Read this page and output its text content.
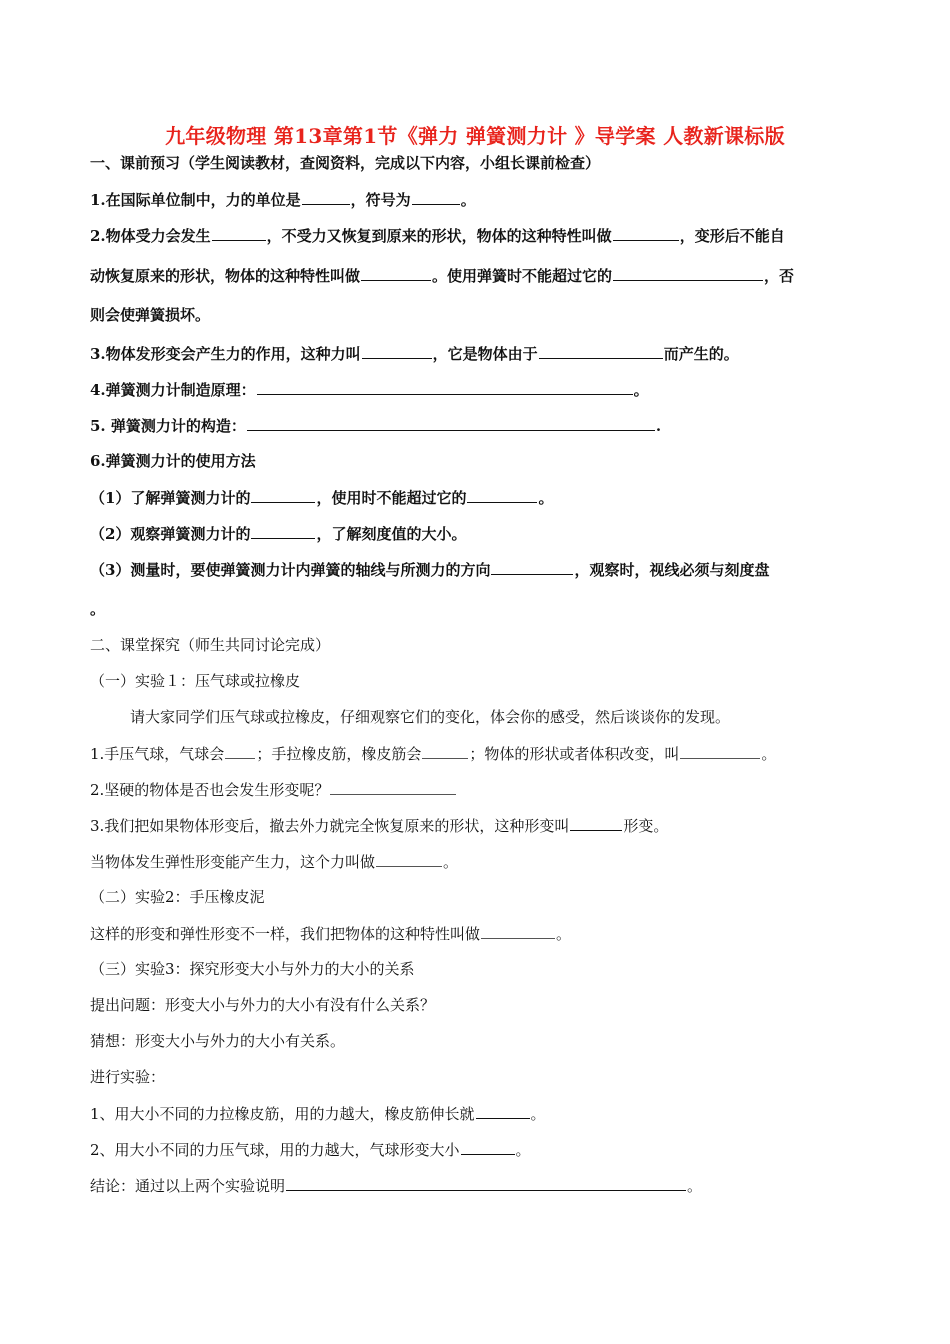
九年级物理 第13章第1节《弹力 弹簧测力计 》导学案 人教新课标版
一、课前预习（学生阅读教材，查阅资料，完成以下内容，小组长课前检查）
1.在国际单位制中，力的单位是	，符号为	。
2.物体受力会发生	，不受力又恢复到原来的形状，物体的这种特性叫做	，变形后不能自
动恢复原来的形状，物体的这种特性叫做	。使用弹簧时不能超过它的	，否
则会使弹簧损坏。
3.物体发形变会产生力的作用，这种力叫	，它是物体由于	而产生的。
4.弹簧测力计制造原理：	。
5. 弹簧测力计的构造：	.
6.弹簧测力计的使用方法
（1）了解弹簧测力计的	，使用时不能超过它的	。
（2）观察弹簧测力计的	，了解刻度值的大小。
（3）测量时，要使弹簧测力计内弹簧的轴线与所测力的方向	，观察时，视线必须与刻度盘
。
二、课堂探究（师生共同讨论完成）
（一）实验１：压气球或拉橡皮
请大家同学们压气球或拉橡皮，仔细观察它们的变化，体会你的感受，然后谈谈你的发现。
1.手压气球，气球会 ；手拉橡皮筋，橡皮筋会	；物体的形状或者体积改变，叫	。
2.坚硬的物体是否也会发生形变呢？
3.我们把如果物体形变后，撤去外力就完全恢复原来的形状，这种形变叫	形变。
当物体发生弹性形变能产生力，这个力叫做	。
（二）实验2：手压橡皮泥
这样的形变和弹性形变不一样，我们把物体的这种特性叫做	。
（三）实验3：探究形变大小与外力的大小的关系
提出问题：形变大小与外力的大小有没有什么关系？
猜想：形变大小与外力的大小有关系。
进行实验：
1、用大小不同的力拉橡皮筋，用的力越大，橡皮筋伸长就	。
2、用大小不同的力压气球，用的力越大，气球形变大小	。
结论：通过以上两个实验说明	。
